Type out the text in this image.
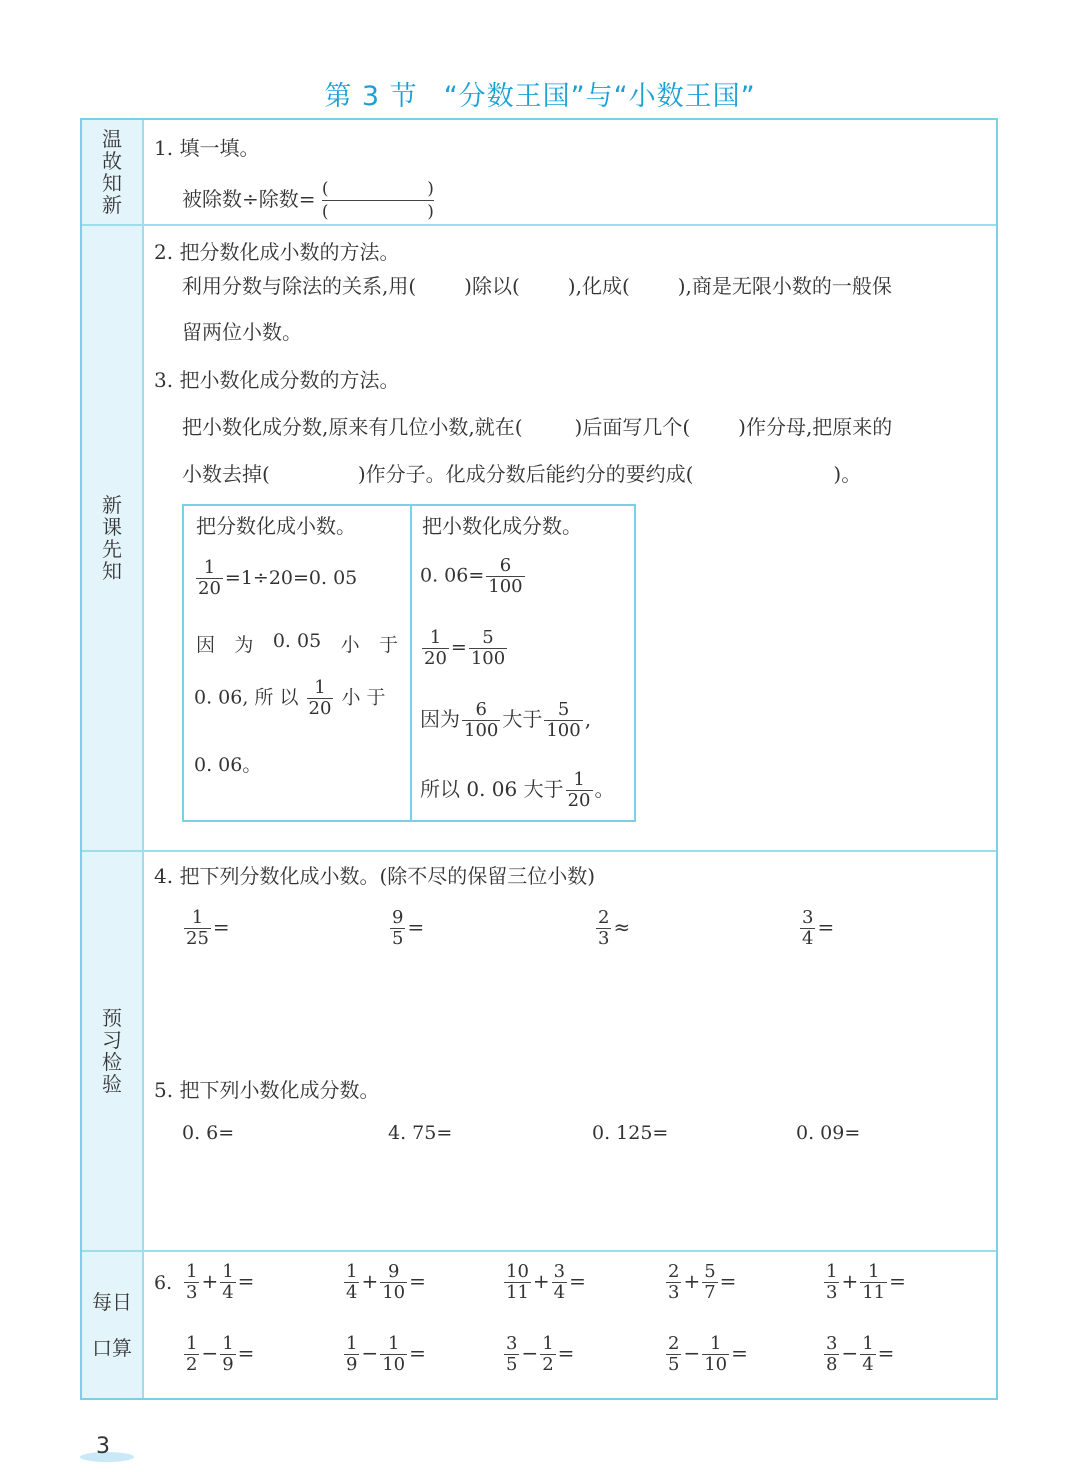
第 3 节 “分数王国”与“小数王国”
温故知新
1. 填一填。
被除数÷除数= (	)
(	)
新课先知
2. 把分数化成小数的方法。
利用分数与除法的关系,用( )除以( ),化成( ),商是无限小数的一般保
留两位小数。
3. 把小数化成分数的方法。
把小数化成分数,原来有几位小数,就在(	)后面写几个( )作分母,把原来的
小数去掉(	)作分子。化成分数后能约分的要约成(	)。
把分数化成小数。
$\frac{1}{20} =1\div 20=0$. 05
因 为 0. 05 小 于
0. 06, 所 以 $\frac{1}{20}$ 小 于
0. 06。
把小数化成分数。
0. $06= \frac{6}{100}$
$\frac{1}{20} = \frac{5}{100}$
因为 $\frac{6}{100}$ 大于 $\frac{5}{100}$ ,
所以 0. 06 大于 $\frac{1}{20}$ 。
预习检验
4. 把下列分数化成小数。(除不尽的保留三位小数)
$\frac{1}{25}$ =	$\frac{9}{5}$ =	$\frac{2}{3}$ ≈	$\frac{3}{4}$ =
5. 把下列小数化成分数。
0. 6=	4. 75=	0. 125=	0. 09=
每日
口算
6. $\frac{1}{3} + \frac{1}{4}$ =	$\frac{1}{4} + \frac{9}{10}$ =	$\frac{10}{11} + \frac{3}{4}$ =	$\frac{2}{3} + \frac{5}{7}$ =	$\frac{1}{3} + \frac{1}{11}$ =
$\frac{1}{2} - \frac{1}{9}$ =	$\frac{1}{9} - \frac{1}{10}$ =	$\frac{3}{5} - \frac{1}{2}$ =	$\frac{2}{5} - \frac{1}{10}$ =	$\frac{3}{8} - \frac{1}{4}$ =
3
